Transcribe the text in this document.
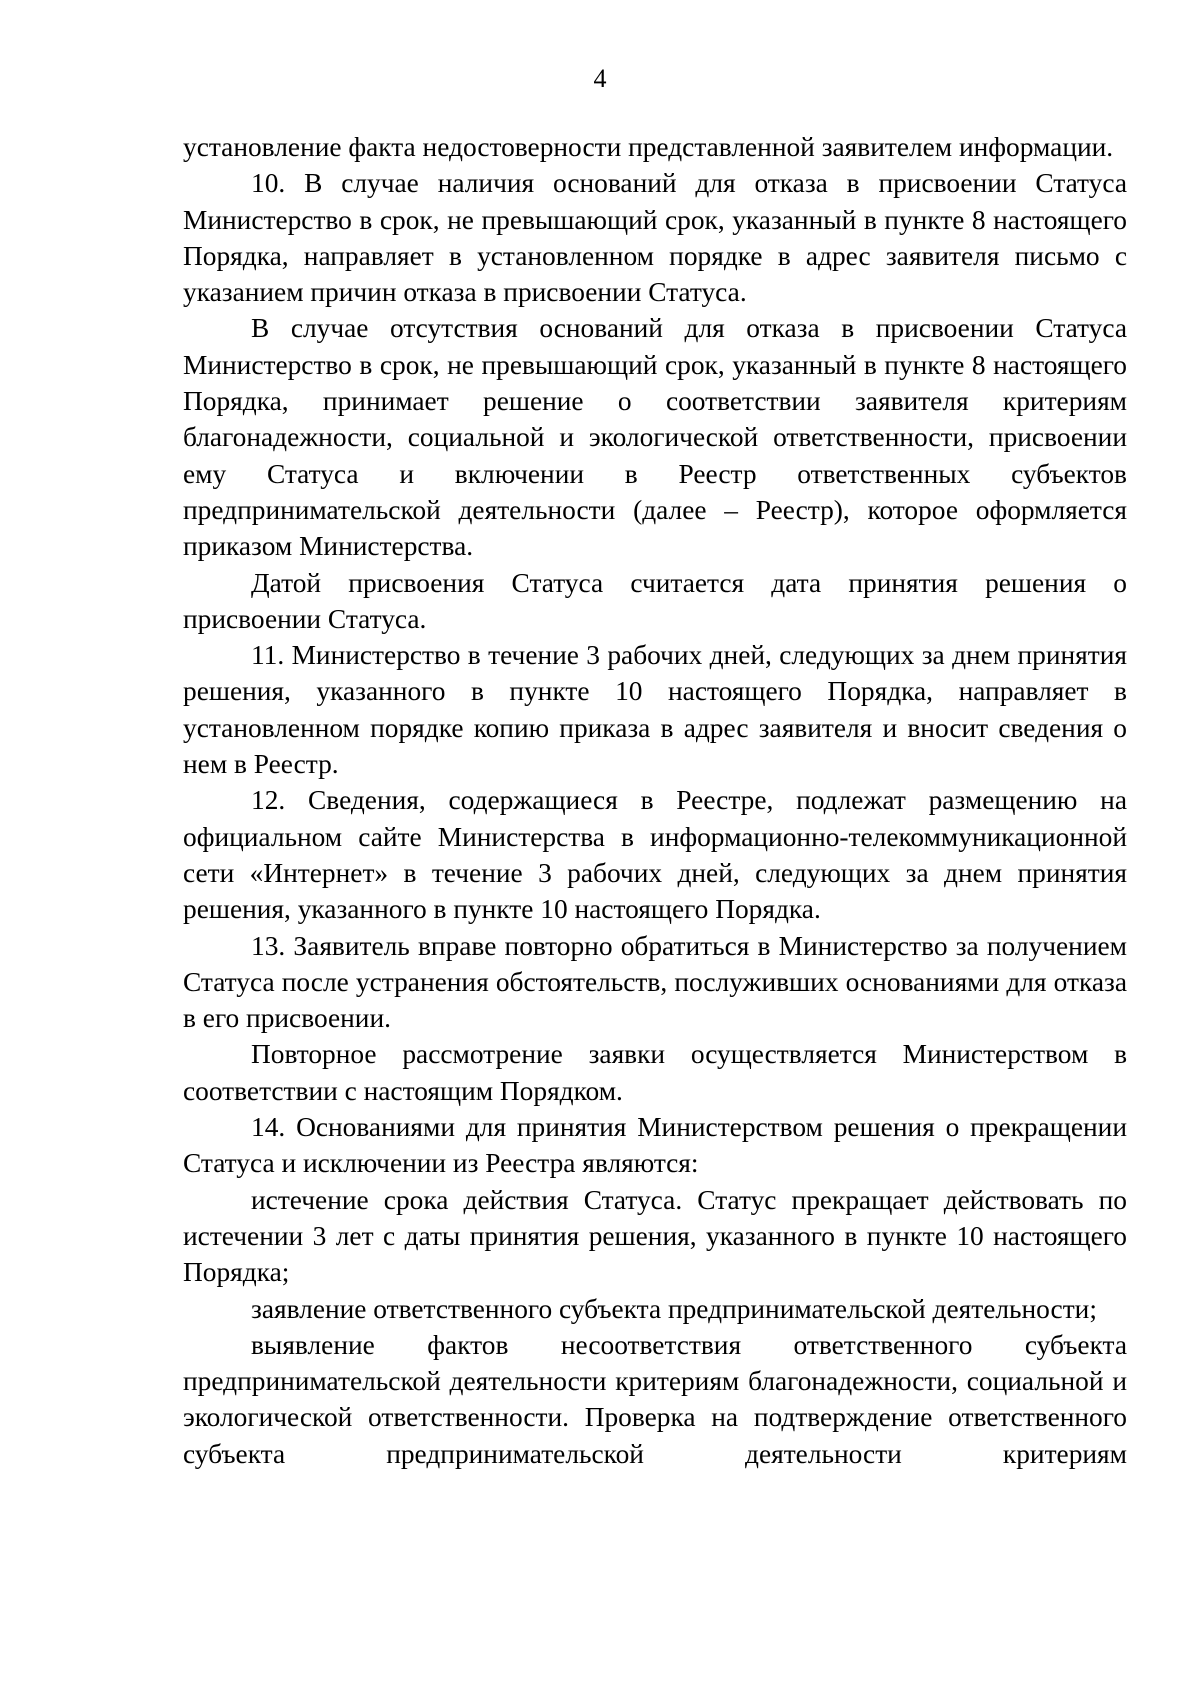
4

установление факта недостоверности представленной заявителем информации.

10. В случае наличия оснований для отказа в присвоении Статуса Министерство в срок, не превышающий срок, указанный в пункте 8 настоящего Порядка, направляет в установленном порядке в адрес заявителя письмо с указанием причин отказа в присвоении Статуса.

В случае отсутствия оснований для отказа в присвоении Статуса Министерство в срок, не превышающий срок, указанный в пункте 8 настоящего Порядка, принимает решение о соответствии заявителя критериям благонадежности, социальной и экологической ответственности, присвоении ему Статуса и включении в Реестр ответственных субъектов предпринимательской деятельности (далее – Реестр), которое оформляется приказом Министерства.

Датой присвоения Статуса считается дата принятия решения о присвоении Статуса.

11. Министерство в течение 3 рабочих дней, следующих за днем принятия решения, указанного в пункте 10 настоящего Порядка, направляет в установленном порядке копию приказа в адрес заявителя и вносит сведения о нем в Реестр.

12. Сведения, содержащиеся в Реестре, подлежат размещению на официальном сайте Министерства в информационно-телекоммуникационной сети «Интернет» в течение 3 рабочих дней, следующих за днем принятия решения, указанного в пункте 10 настоящего Порядка.

13. Заявитель вправе повторно обратиться в Министерство за получением Статуса после устранения обстоятельств, послуживших основаниями для отказа в его присвоении.

Повторное рассмотрение заявки осуществляется Министерством в соответствии с настоящим Порядком.

14. Основаниями для принятия Министерством решения о прекращении Статуса и исключении из Реестра являются:

истечение срока действия Статуса. Статус прекращает действовать по истечении 3 лет с даты принятия решения, указанного в пункте 10 настоящего Порядка;

заявление ответственного субъекта предпринимательской деятельности;

выявление фактов несоответствия ответственного субъекта предпринимательской деятельности критериям благонадежности, социальной и экологической ответственности. Проверка на подтверждение ответственного субъекта предпринимательской деятельности критериям
